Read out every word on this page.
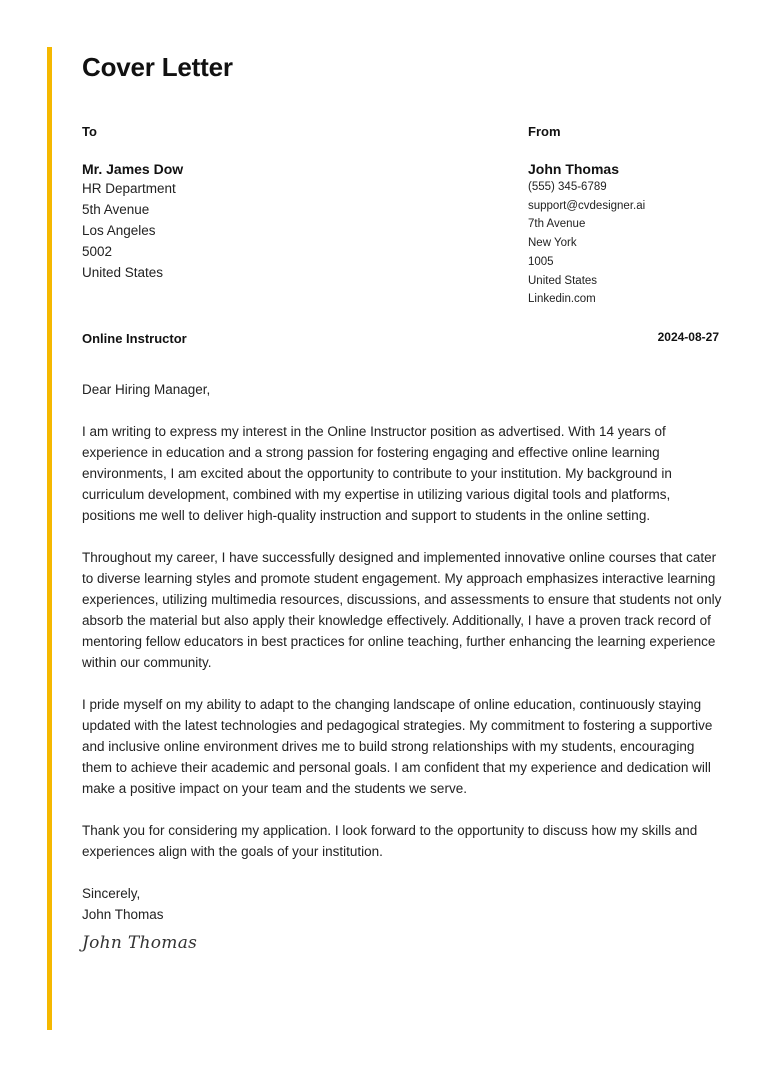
Cover Letter
To	From
Mr. James Dow
HR Department
5th Avenue
Los Angeles
5002
United States
John Thomas
(555) 345-6789
support@cvdesigner.ai
7th Avenue
New York
1005
United States
Linkedin.com
Online Instructor	2024-08-27

Dear Hiring Manager,

I am writing to express my interest in the Online Instructor position as advertised. With 14 years of experience in education and a strong passion for fostering engaging and effective online learning environments, I am excited about the opportunity to contribute to your institution. My background in curriculum development, combined with my expertise in utilizing various digital tools and platforms, positions me well to deliver high-quality instruction and support to students in the online setting.

Throughout my career, I have successfully designed and implemented innovative online courses that cater to diverse learning styles and promote student engagement. My approach emphasizes interactive learning experiences, utilizing multimedia resources, discussions, and assessments to ensure that students not only absorb the material but also apply their knowledge effectively. Additionally, I have a proven track record of mentoring fellow educators in best practices for online teaching, further enhancing the learning experience within our community.

I pride myself on my ability to adapt to the changing landscape of online education, continuously staying updated with the latest technologies and pedagogical strategies. My commitment to fostering a supportive and inclusive online environment drives me to build strong relationships with my students, encouraging them to achieve their academic and personal goals. I am confident that my experience and dedication will make a positive impact on your team and the students we serve.

Thank you for considering my application. I look forward to the opportunity to discuss how my skills and experiences align with the goals of your institution.

Sincerely,
John Thomas
John Thomas
